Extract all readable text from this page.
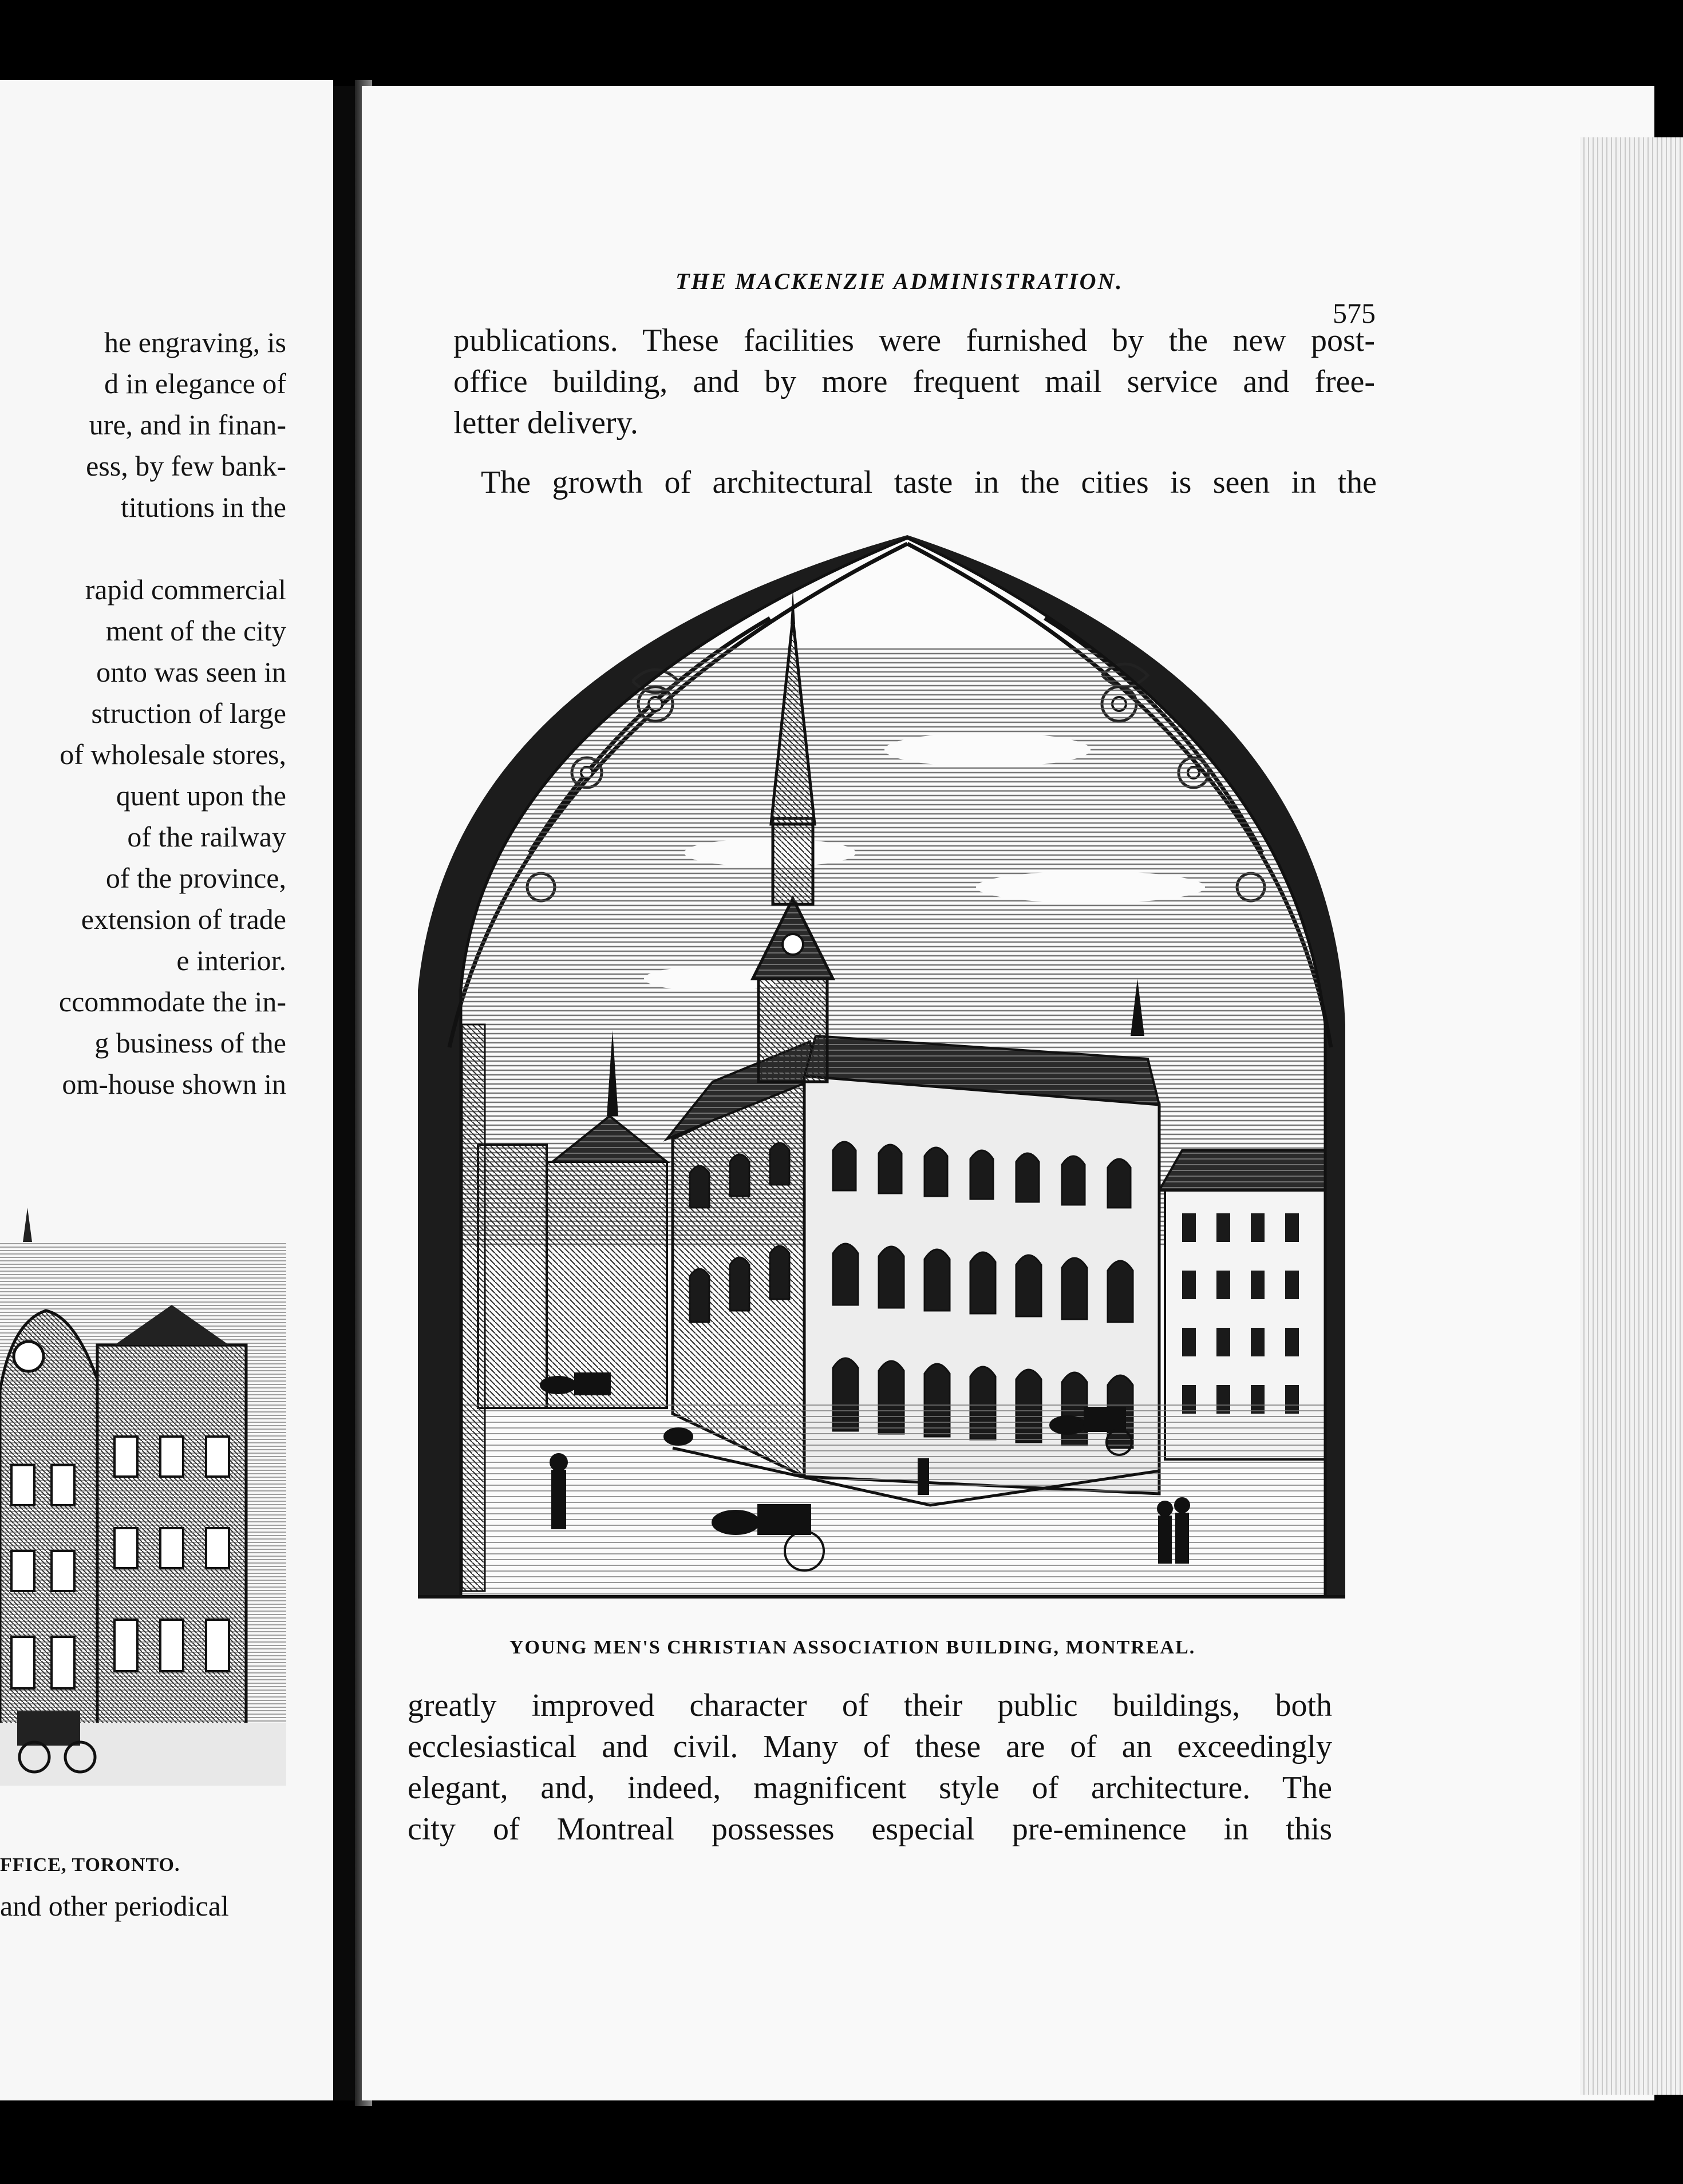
he engraving, is
d in elegance of
ure, and in finan-
ess, by few bank-
titutions in the
rapid commercial
ment of the city
onto was seen in
struction of large
of wholesale stores,
quent upon the
of the railway
of the province,
extension of trade
e interior.
ccommodate the in-
g business of the
om-house shown in
FFICE, TORONTO.
and other periodical
THE MACKENZIE ADMINISTRATION.
575
publications. These facilities were furnished by the new post-
office building, and by more frequent mail service and free-
letter delivery.
The growth of architectural taste in the cities is seen in the
YOUNG MEN'S CHRISTIAN ASSOCIATION BUILDING, MONTREAL.
greatly improved character of their public buildings, both
ecclesiastical and civil. Many of these are of an exceedingly
elegant, and, indeed, magnificent style of architecture. The
city of Montreal possesses especial pre-eminence in this
